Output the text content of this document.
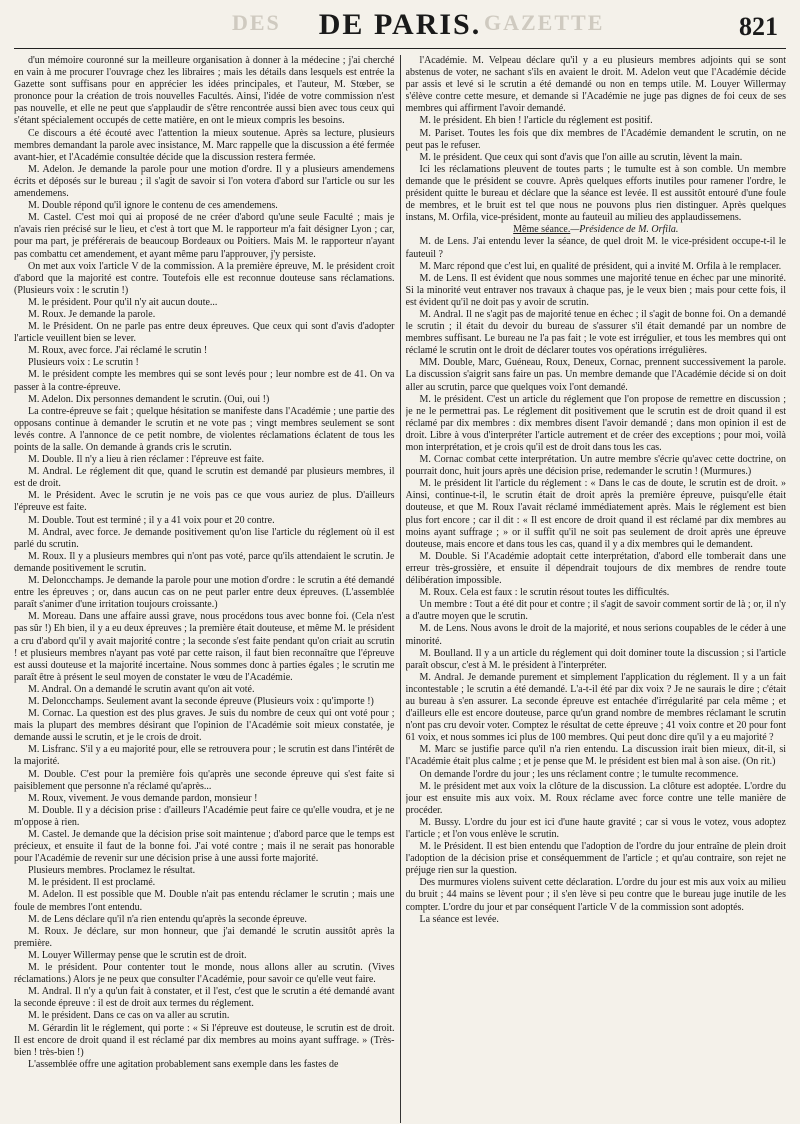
DES	GAZETTE
DE PARIS.	821

d'un mémoire couronné sur la meilleure organisation à donner à la médecine ; j'ai cherché en vain à me procurer l'ouvrage chez les libraires ; mais les détails dans lesquels est entrée la Gazette sont suffisans pour en apprécier les idées principales, et l'auteur, M. Stœber, se prononce pour la création de trois nouvelles Facultés. Ainsi, l'idée de votre commission n'est pas nouvelle, et elle ne peut que s'applaudir de s'être rencontrée aussi bien avec tous ceux qui s'étant spécialement occupés de cette matière, en ont le mieux compris les besoins.

Ce discours a été écouté avec l'attention la mieux soutenue. Après sa lecture, plusieurs membres demandant la parole avec insistance, M. Marc rappelle que la discussion a été fermée avant-hier, et l'Académie consultée décide que la discussion restera fermée.

M. Adelon. Je demande la parole pour une motion d'ordre. Il y a plusieurs amendemens écrits et déposés sur le bureau ; il s'agit de savoir si l'on votera d'abord sur l'article ou sur les amendemens.

M. Double répond qu'il ignore le contenu de ces amendemens.

M. Castel. C'est moi qui ai proposé de ne créer d'abord qu'une seule Faculté ; mais je n'avais rien précisé sur le lieu, et c'est à tort que M. le rapporteur m'a fait désigner Lyon ; car, pour ma part, je préférerais de beaucoup Bordeaux ou Poitiers. Mais M. le rapporteur n'ayant pas combattu cet amendement, et ayant même paru l'approuver, j'y persiste.

On met aux voix l'article V de la commission. A la première épreuve, M. le président croit d'abord que la majorité est contre. Toutefois elle est reconnue douteuse sans réclamations. (Plusieurs voix : le scrutin !)

M. le président. Pour qu'il n'y ait aucun doute...

M. Roux. Je demande la parole.

M. le Président. On ne parle pas entre deux épreuves. Que ceux qui sont d'avis d'adopter l'article veuillent bien se lever.

M. Roux, avec force. J'ai réclamé le scrutin !

Plusieurs voix : Le scrutin !

M. le président compte les membres qui se sont levés pour ; leur nombre est de 41. On va passer à la contre-épreuve.

M. Adelon. Dix personnes demandent le scrutin. (Oui, oui !)

La contre-épreuve se fait ; quelque hésitation se manifeste dans l'Académie ; une partie des opposans continue à demander le scrutin et ne vote pas ; vingt membres seulement se sont levés contre. A l'annonce de ce petit nombre, de violentes réclamations éclatent de tous les points de la salle. On demande à grands cris le scrutin.

M. Double. Il n'y a lieu à rien réclamer : l'épreuve est faite.

M. Andral. Le réglement dit que, quand le scrutin est demandé par plusieurs membres, il est de droit.

M. le Président. Avec le scrutin je ne vois pas ce que vous auriez de plus. D'ailleurs l'épreuve est faite.

M. Double. Tout est terminé ; il y a 41 voix pour et 20 contre.

M. Andral, avec force. Je demande positivement qu'on lise l'article du réglement où il est parlé du scrutin.

M. Roux. Il y a plusieurs membres qui n'ont pas voté, parce qu'ils attendaient le scrutin. Je demande positivement le scrutin.

M. Deloncchamps. Je demande la parole pour une motion d'ordre : le scrutin a été demandé entre les épreuves ; or, dans aucun cas on ne peut parler entre deux épreuves. (L'assemblée paraît s'animer d'une irritation toujours croissante.)

M. Moreau. Dans une affaire aussi grave, nous procédons tous avec bonne foi. (Cela n'est pas sûr !) Eh bien, il y a eu deux épreuves ; la première était douteuse, et même M. le président a cru d'abord qu'il y avait majorité contre ; la seconde s'est faite pendant qu'on criait au scrutin ! et plusieurs membres n'ayant pas voté par cette raison, il faut bien reconnaître que l'épreuve est aussi douteuse et la majorité incertaine. Nous sommes donc à parties égales ; le scrutin me paraît être à présent le seul moyen de constater le vœu de l'Académie.

M. Andral. On a demandé le scrutin avant qu'on ait voté.

M. Deloncchamps. Seulement avant la seconde épreuve (Plusieurs voix : qu'importe !)

M. Cornac. La question est des plus graves. Je suis du nombre de ceux qui ont voté pour ; mais la plupart des membres désirant que l'opinion de l'Académie soit mieux constatée, je demande aussi le scrutin, et je le crois de droit.

M. Lisfranc. S'il y a eu majorité pour, elle se retrouvera pour ; le scrutin est dans l'intérêt de la majorité.

M. Double. C'est pour la première fois qu'après une seconde épreuve qui s'est faite si paisiblement que personne n'a réclamé qu'après...

M. Roux, vivement. Je vous demande pardon, monsieur !

M. Double. Il y a décision prise : d'ailleurs l'Académie peut faire ce qu'elle voudra, et je ne m'oppose à rien.

M. Castel. Je demande que la décision prise soit maintenue ; d'abord parce que le temps est précieux, et ensuite il faut de la bonne foi. J'ai voté contre ; mais il ne serait pas honorable pour l'Académie de revenir sur une décision prise à une aussi forte majorité.

Plusieurs membres. Proclamez le résultat.

M. le président. Il est proclamé.

M. Adelon. Il est possible que M. Double n'ait pas entendu réclamer le scrutin ; mais une foule de membres l'ont entendu.

M. de Lens déclare qu'il n'a rien entendu qu'après la seconde épreuve.

M. Roux. Je déclare, sur mon honneur, que j'ai demandé le scrutin aussitôt après la première.

M. Louyer Willermay pense que le scrutin est de droit.

M. le président. Pour contenter tout le monde, nous allons aller au scrutin. (Vives réclamations.) Alors je ne peux que consulter l'Académie, pour savoir ce qu'elle veut faire.

M. Andral. Il n'y a qu'un fait à constater, et il l'est, c'est que le scrutin a été demandé avant la seconde épreuve : il est de droit aux termes du réglement.

M. le président. Dans ce cas on va aller au scrutin.

M. Gérardin lit le réglement, qui porte : « Si l'épreuve est douteuse, le scrutin est de droit. Il est encore de droit quand il est réclamé par dix membres au moins ayant suffrage. » (Très-bien ! très-bien !)

L'assemblée offre une agitation probablement sans exemple dans les fastes de

l'Académie. M. Velpeau déclare qu'il y a eu plusieurs membres adjoints qui se sont abstenus de voter, ne sachant s'ils en avaient le droit. M. Adelon veut que l'Académie décide par assis et levé si le scrutin a été demandé ou non en temps utile. M. Louyer Willermay s'élève contre cette mesure, et demande si l'Académie ne juge pas dignes de foi ceux de ses membres qui affirment l'avoir demandé.

M. le président. Eh bien ! l'article du réglement est positif.

M. Pariset. Toutes les fois que dix membres de l'Académie demandent le scrutin, on ne peut pas le refuser.

M. le président. Que ceux qui sont d'avis que l'on aille au scrutin, lèvent la main.

Ici les réclamations pleuvent de toutes parts ; le tumulte est à son comble. Un membre demande que le président se couvre. Après quelques efforts inutiles pour ramener l'ordre, le président quitte le bureau et déclare que la séance est levée. Il est aussitôt entouré d'une foule de membres, et le bruit est tel que nous ne pouvons plus rien distinguer. Après quelques instans, M. Orfila, vice-président, monte au fauteuil au milieu des applaudissemens.

Même séance.—Présidence de M. Orfila.

M. de Lens. J'ai entendu lever la séance, de quel droit M. le vice-président occupe-t-il le fauteuil ?

M. Marc répond que c'est lui, en qualité de président, qui a invité M. Orfila à le remplacer.

M. de Lens. Il est évident que nous sommes une majorité tenue en échec par une minorité. Si la minorité veut entraver nos travaux à chaque pas, je le veux bien ; mais pour cette fois, il est évident qu'il ne doit pas y avoir de scrutin.

M. Andral. Il ne s'agit pas de majorité tenue en échec ; il s'agit de bonne foi. On a demandé le scrutin ; il était du devoir du bureau de s'assurer s'il était demandé par un nombre de membres suffisant. Le bureau ne l'a pas fait ; le vote est irrégulier, et tous les membres qui ont réclamé le scrutin ont le droit de déclarer toutes vos opérations irrégulières.

MM. Double, Marc, Guéneau, Roux, Deneux, Cornac, prennent successivement la parole. La discussion s'aigrit sans faire un pas. Un membre demande que l'Académie décide si on doit aller au scrutin, parce que quelques voix l'ont demandé.

M. le président. C'est un article du réglement que l'on propose de remettre en discussion ; je ne le permettrai pas. Le réglement dit positivement que le scrutin est de droit quand il est réclamé par dix membres : dix membres disent l'avoir demandé ; dans mon opinion il est de droit. Libre à vous d'interpréter l'article autrement et de créer des exceptions ; pour moi, voilà mon interprétation, et je crois qu'il est de droit dans tous les cas.

M. Cornac combat cette interprétation. Un autre membre s'écrie qu'avec cette doctrine, on pourrait donc, huit jours après une décision prise, redemander le scrutin ! (Murmures.)

M. le président lit l'article du réglement : « Dans le cas de doute, le scrutin est de droit. » Ainsi, continue-t-il, le scrutin était de droit après la première épreuve, puisqu'elle était douteuse, et que M. Roux l'avait réclamé immédiatement après. Mais le réglement est bien plus fort encore ; car il dit : « Il est encore de droit quand il est réclamé par dix membres au moins ayant suffrage ; » or il suffit qu'il ne soit pas seulement de droit après une épreuve douteuse, mais encore et dans tous les cas, quand il y a dix membres qui le demandent.

M. Double. Si l'Académie adoptait cette interprétation, d'abord elle tomberait dans une erreur très-grossière, et ensuite il dépendrait toujours de dix membres de rendre toute délibération impossible.

M. Roux. Cela est faux : le scrutin résout toutes les difficultés.

Un membre : Tout a été dit pour et contre ; il s'agit de savoir comment sortir de là ; or, il n'y a d'autre moyen que le scrutin.

M. de Lens. Nous avons le droit de la majorité, et nous serions coupables de le céder à une minorité.

M. Boulland. Il y a un article du réglement qui doit dominer toute la discussion ; si l'article paraît obscur, c'est à M. le président à l'interpréter.

M. Andral. Je demande purement et simplement l'application du réglement. Il y a un fait incontestable ; le scrutin a été demandé. L'a-t-il été par dix voix ? Je ne saurais le dire ; c'était au bureau à s'en assurer. La seconde épreuve est entachée d'irrégularité par cela même ; et d'ailleurs elle est encore douteuse, parce qu'un grand nombre de membres réclamant le scrutin n'ont pas cru devoir voter. Comptez le résultat de cette épreuve ; 41 voix contre et 20 pour font 61 voix, et nous sommes ici plus de 100 membres. Qui peut donc dire qu'il y a eu majorité ?

M. Marc se justifie parce qu'il n'a rien entendu. La discussion irait bien mieux, dit-il, si l'Académie était plus calme ; et je pense que M. le président est bien mal à son aise. (On rit.)

On demande l'ordre du jour ; les uns réclament contre ; le tumulte recommence.

M. le président met aux voix la clôture de la discussion. La clôture est adoptée. L'ordre du jour est ensuite mis aux voix. M. Roux réclame avec force contre une telle manière de procéder.

M. Bussy. L'ordre du jour est ici d'une haute gravité ; car si vous le votez, vous adoptez l'article ; et l'on vous enlève le scrutin.

M. le Président. Il est bien entendu que l'adoption de l'ordre du jour entraîne de plein droit l'adoption de la décision prise et conséquemment de l'article ; et qu'au contraire, son rejet ne préjuge rien sur la question.

Des murmures violens suivent cette déclaration. L'ordre du jour est mis aux voix au milieu du bruit ; 44 mains se lèvent pour ; il s'en lève si peu contre que le bureau juge inutile de les compter. L'ordre du jour et par conséquent l'article V de la commission sont adoptés.

La séance est levée.
